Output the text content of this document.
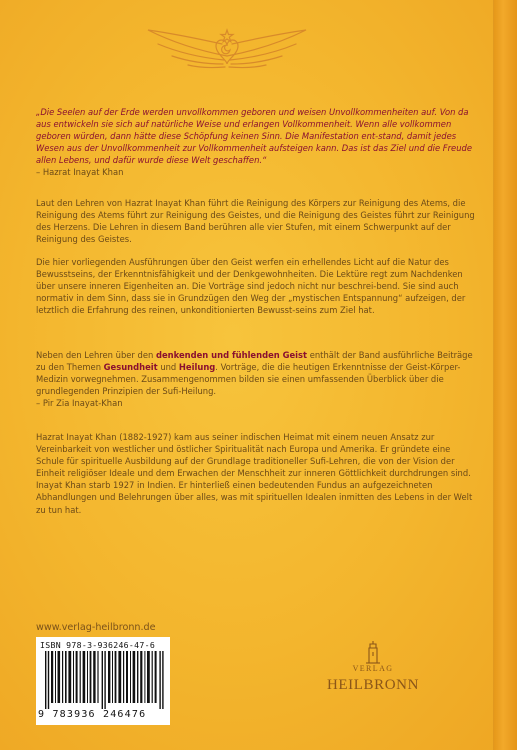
„Die Seelen auf der Erde werden unvollkommen geboren und weisen Unvollkommenheiten auf. Von da aus entwickeln sie sich auf natürliche Weise und erlangen Vollkommenheit. Wenn alle vollkommen geboren würden, dann hätte diese Schöpfung keinen Sinn. Die Manifestation ent-stand, damit jedes Wesen aus der Unvollkommenheit zur Vollkommenheit aufsteigen kann. Das ist das Ziel und die Freude allen Lebens, und dafür wurde diese Welt geschaffen.“

– Hazrat Inayat Khan

Laut den Lehren von Hazrat Inayat Khan führt die Reinigung des Körpers zur Reinigung des Atems, die Reinigung des Atems führt zur Reinigung des Geistes, und die Reinigung des Geistes führt zur Reinigung des Herzens. Die Lehren in diesem Band berühren alle vier Stufen, mit einem Schwerpunkt auf der Reinigung des Geistes.

Die hier vorliegenden Ausführungen über den Geist werfen ein erhellendes Licht auf die Natur des Bewusstseins, der Erkenntnisfähigkeit und der Denkgewohnheiten. Die Lektüre regt zum Nachdenken über unsere inneren Eigenheiten an. Die Vorträge sind jedoch nicht nur beschrei-bend. Sie sind auch normativ in dem Sinn, dass sie in Grundzügen den Weg der „mystischen Entspannung“ aufzeigen, der letztlich die Erfahrung des reinen, unkonditionierten Bewusst-seins zum Ziel hat.

Neben den Lehren über den denkenden und fühlenden Geist enthält der Band ausführliche Beiträge zu den Themen Gesundheit und Heilung. Vorträge, die die heutigen Erkenntnisse der Geist-Körper-Medizin vorwegnehmen. Zusammengenommen bilden sie einen umfassenden Überblick über die grundlegenden Prinzipien der Sufi-Heilung.

– Pir Zia Inayat-Khan

Hazrat Inayat Khan (1882-1927) kam aus seiner indischen Heimat mit einem neuen Ansatz zur Vereinbarkeit von westlicher und östlicher Spiritualität nach Europa und Amerika. Er gründete eine Schule für spirituelle Ausbildung auf der Grundlage traditioneller Sufi-Lehren, die von der Vision der Einheit religiöser Ideale und dem Erwachen der Menschheit zur inneren Göttlichkeit durchdrungen sind. Inayat Khan starb 1927 in Indien. Er hinterließ einen bedeutenden Fundus an aufgezeichneten Abhandlungen und Belehrungen über alles, was mit spirituellen Idealen inmitten des Lebens in der Welt zu tun hat.

www.verlag-heilbronn.de
ISBN 978-3-936246-47-6
9 783936 246476
VERLAG
HEILBRONN
